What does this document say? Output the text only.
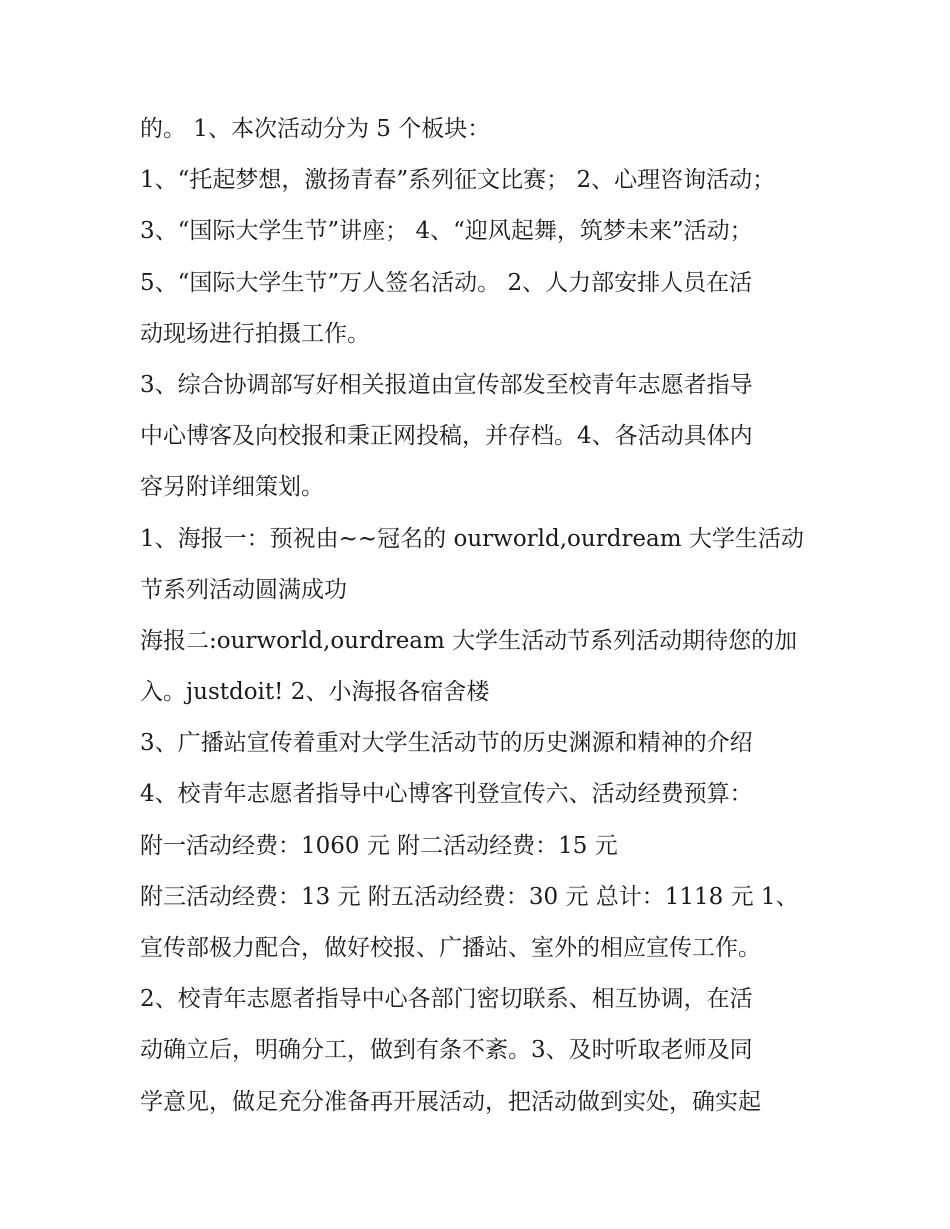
的。 1、本次活动分为 5 个板块：
1、“托起梦想，激扬青春”系列征文比赛； 2、心理咨询活动；
3、“国际大学生节”讲座； 4、“迎风起舞，筑梦未来”活动；
5、“国际大学生节”万人签名活动。 2、人力部安排人员在活
动现场进行拍摄工作。
3、综合协调部写好相关报道由宣传部发至校青年志愿者指导
中心博客及向校报和秉正网投稿，并存档。4、各活动具体内
容另附详细策划。
1、海报一：预祝由~~冠名的 ourworld,ourdream 大学生活动
节系列活动圆满成功
海报二:ourworld,ourdream 大学生活动节系列活动期待您的加
入。justdoit! 2、小海报各宿舍楼
3、广播站宣传着重对大学生活动节的历史渊源和精神的介绍
4、校青年志愿者指导中心博客刊登宣传六、活动经费预算：
附一活动经费：1060 元 附二活动经费：15 元
附三活动经费：13 元 附五活动经费：30 元 总计：1118 元 1、
宣传部极力配合，做好校报、广播站、室外的相应宣传工作。
2、校青年志愿者指导中心各部门密切联系、相互协调，在活
动确立后，明确分工，做到有条不紊。3、及时听取老师及同
学意见，做足充分准备再开展活动，把活动做到实处，确实起
